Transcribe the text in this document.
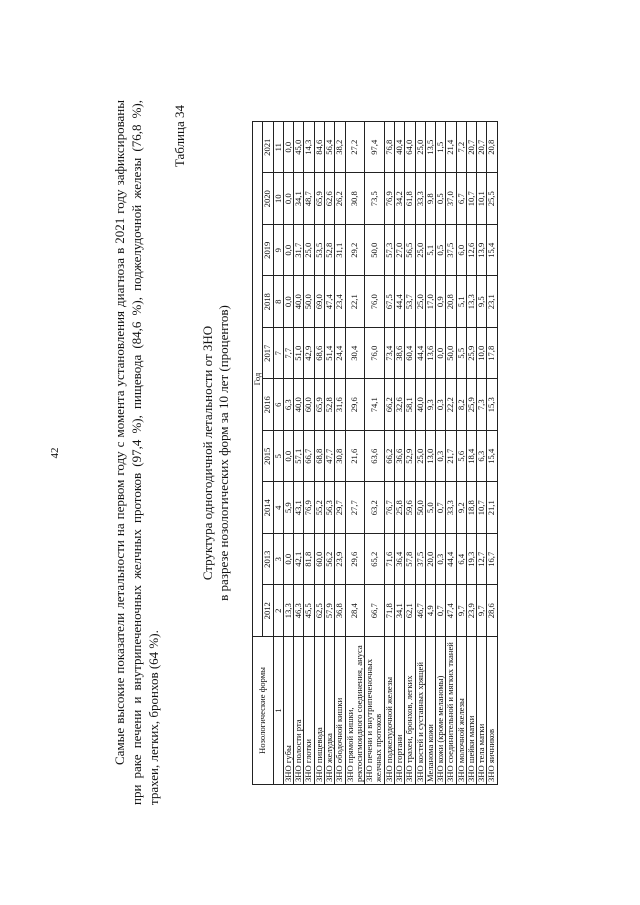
42	Самые высокие показатели летальности на первом году с момента установления диагноза в 2021 году зафиксированы при раке печени и внутрипеченочных желчных протоков (97,4 %), пищевода (84,6 %), поджелудочной железы (76,8 %), трахеи, легких, бронхов (64 %).

Таблица 34
Структура одногодичной летальности от ЗНО в разрезе нозологических форм за 10 лет (процентов)
Нозологические формы	Год									
	2012	2013	2014	2015	2016	2017	2018	2019	2020	2021
1	2	3	4	5	6	7	8	9	10	11
ЗНО губы	13,3	0,0	5,9	0,0	6,3	7,7	0,0	0,0	0,0	0,0
ЗНО полости рта	46,3	42,1	43,1	57,1	40,0	51,0	40,0	31,7	34,1	45,0
ЗНО глотки	45,5	81,8	76,9	66,7	60,0	42,9	50,0	25,0	48,7	14,3
ЗНО пищевода	62,5	60,0	55,2	68,8	65,9	68,6	69,0	53,5	65,9	84,6
ЗНО желудка	57,9	56,2	56,3	47,7	52,8	51,4	47,4	52,8	62,6	56,4
ЗНО ободочной кишки	36,8	23,9	29,7	30,8	31,6	24,4	23,4	31,1	26,2	38,2
ЗНО прямой кишки, ректосигмоидного соединения, ануса	28,4	29,6	27,7	21,6	29,6	30,4	22,1	29,2	30,8	27,2
ЗНО печени и внутрипеченочных желчных протоков	66,7	65,2	63,2	63,6	74,1	76,0	76,0	50,0	73,5	97,4
ЗНО поджелудочной железы	71,8	71,6	76,7	66,2	66,2	73,4	67,5	57,3	76,9	76,8
ЗНО гортани	34,1	36,4	25,8	36,6	32,6	38,6	44,4	27,0	34,2	40,4
ЗНО трахеи, бронхов, легких	62,1	57,8	59,6	52,9	58,1	60,4	53,7	56,5	61,8	64,0
ЗНО костей и суставных хрящей	46,7	37,5	50,0	25,0	40,0	44,4	25,0	25,0	33,3	25,0
Меланома кожи	4,9	20,0	5,0	13,0	9,3	13,6	17,0	5,1	9,8	13,5
ЗНО кожи (кроме меланомы)	0,7	0,3	0,7	0,3	0,3	0,0	0,9	0,5	0,5	1,5
ЗНО соединительной и мягких тканей	47,4	44,4	33,3	21,7	22,2	50,0	20,8	37,5	37,0	21,4
ЗНО молочной железы	9,7	6,4	9,2	5,6	8,2	5,5	5,1	6,0	6,7	7,2
ЗНО шейки матки	23,9	19,3	18,8	18,4	25,9	25,9	13,3	12,6	10,7	20,7
ЗНО тела матки	9,7	12,7	10,7	6,3	7,3	10,0	9,5	13,9	10,1	20,7
ЗНО яичников	28,6	16,7	21,1	15,4	15,3	17,8	23,1	15,4	25,5	20,8
